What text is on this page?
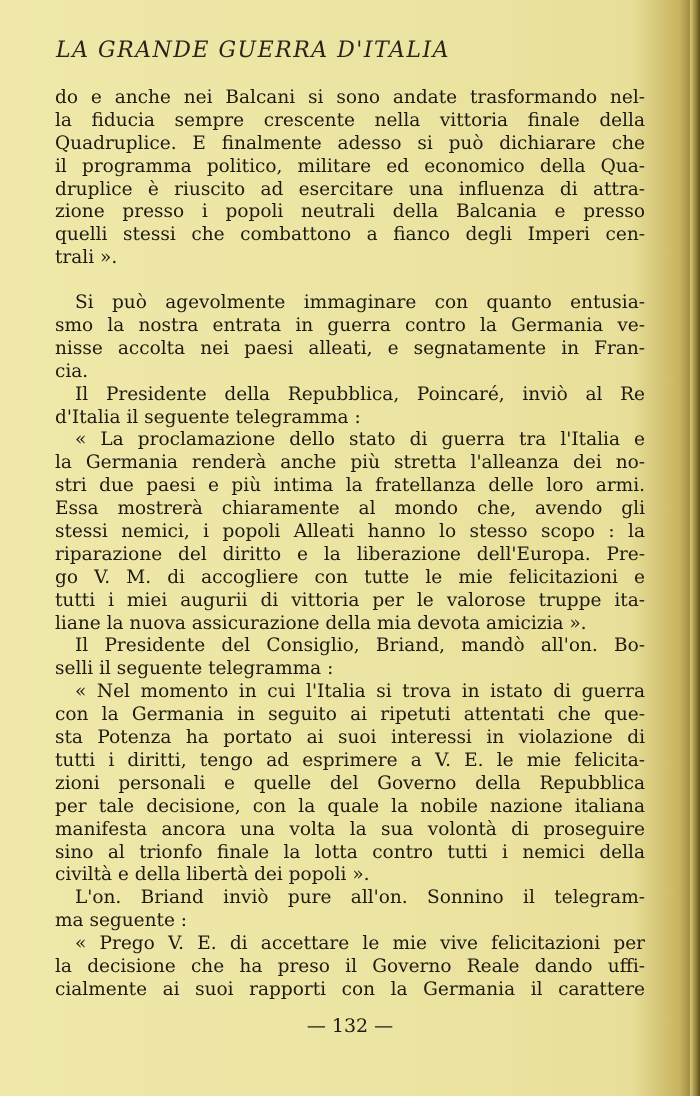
LA GRANDE GUERRA D'ITALIA
do e anche nei Balcani si sono andate trasformando nel-
la fiducia sempre crescente nella vittoria finale della
Quadruplice. E finalmente adesso si può dichiarare che
il programma politico, militare ed economico della Qua-
druplice è riuscito ad esercitare una influenza di attra-
zione presso i popoli neutrali della Balcania e presso
quelli stessi che combattono a fianco degli Imperi cen-
trali ».
Si può agevolmente immaginare con quanto entusia-
smo la nostra entrata in guerra contro la Germania ve-
nisse accolta nei paesi alleati, e segnatamente in Fran-
cia.
Il Presidente della Repubblica, Poincaré, inviò al Re
d'Italia il seguente telegramma :
« La proclamazione dello stato di guerra tra l'Italia e
la Germania renderà anche più stretta l'alleanza dei no-
stri due paesi e più intima la fratellanza delle loro armi.
Essa mostrerà chiaramente al mondo che, avendo gli
stessi nemici, i popoli Alleati hanno lo stesso scopo : la
riparazione del diritto e la liberazione dell'Europa. Pre-
go V. M. di accogliere con tutte le mie felicitazioni e
tutti i miei augurii di vittoria per le valorose truppe ita-
liane la nuova assicurazione della mia devota amicizia ».
Il Presidente del Consiglio, Briand, mandò all'on. Bo-
selli il seguente telegramma :
« Nel momento in cui l'Italia si trova in istato di guerra
con la Germania in seguito ai ripetuti attentati che que-
sta Potenza ha portato ai suoi interessi in violazione di
tutti i diritti, tengo ad esprimere a V. E. le mie felicita-
zioni personali e quelle del Governo della Repubblica
per tale decisione, con la quale la nobile nazione italiana
manifesta ancora una volta la sua volontà di proseguire
sino al trionfo finale la lotta contro tutti i nemici della
civiltà e della libertà dei popoli ».
L'on. Briand inviò pure all'on. Sonnino il telegram-
ma seguente :
« Prego V. E. di accettare le mie vive felicitazioni per
la decisione che ha preso il Governo Reale dando uffi-
cialmente ai suoi rapporti con la Germania il carattere
— 132 —
